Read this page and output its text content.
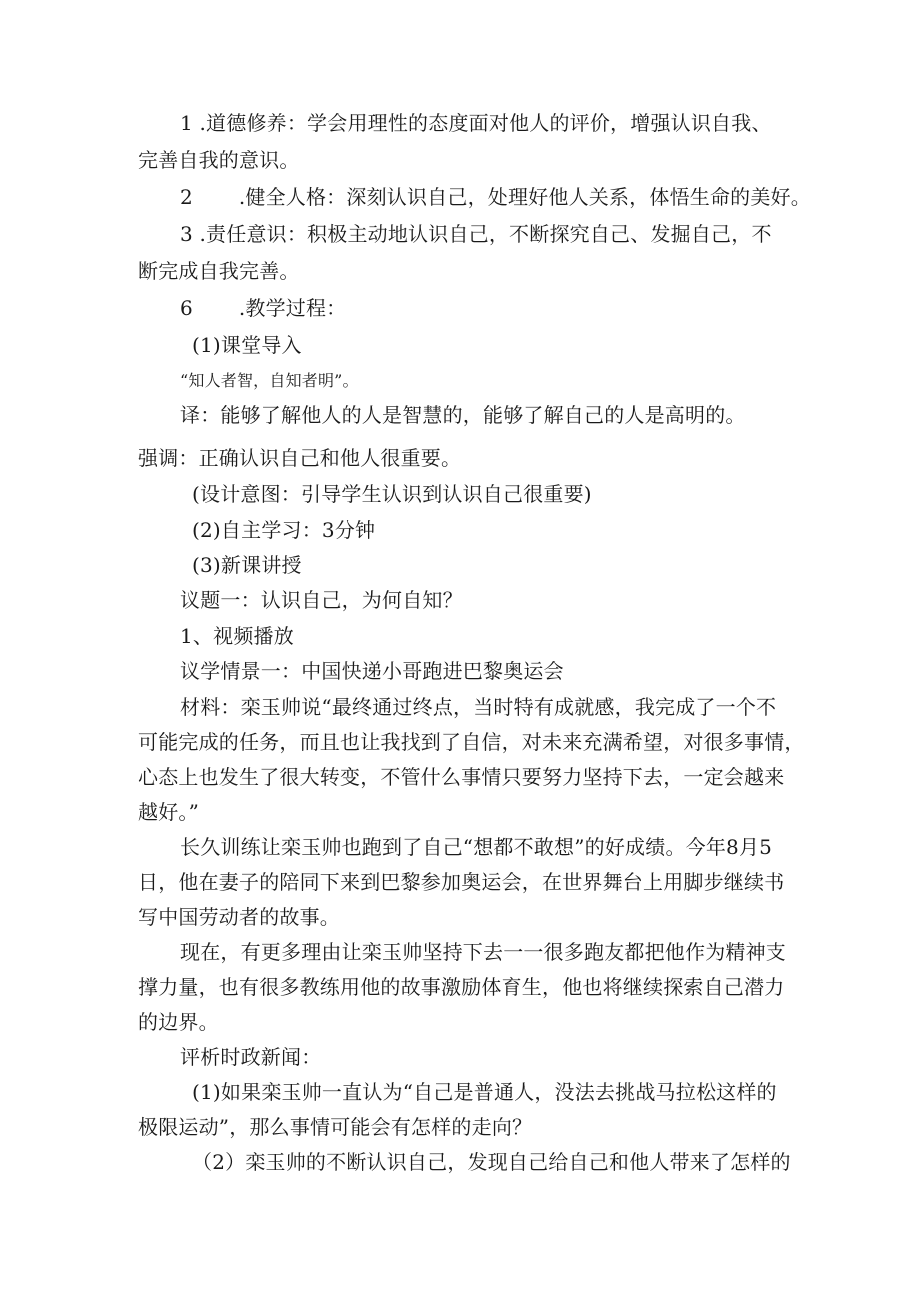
1 .道德修养：学会用理性的态度面对他人的评价，增强认识自我、
完善自我的意识。
2       .健全人格：深刻认识自己，处理好他人关系，体悟生命的美好。
3 .责任意识：积极主动地认识自己，不断探究自己、发掘自己，不
断完成自我完善。
6       .教学过程：
(1)课堂导入
“知人者智，自知者明”。
译：能够了解他人的人是智慧的，能够了解自己的人是高明的。
强调：正确认识自己和他人很重要。
(设计意图：引导学生认识到认识自己很重要)
(2)自主学习：3分钟
(3)新课讲授
议题一：认识自己，为何自知？
1、视频播放
议学情景一：中国快递小哥跑进巴黎奥运会
材料：栾玉帅说“最终通过终点，当时特有成就感，我完成了一个不
可能完成的任务，而且也让我找到了自信，对未来充满希望，对很多事情，
心态上也发生了很大转变，不管什么事情只要努力坚持下去，一定会越来
越好。”
长久训练让栾玉帅也跑到了自己“想都不敢想”的好成绩。今年8月5
日，他在妻子的陪同下来到巴黎参加奥运会，在世界舞台上用脚步继续书
写中国劳动者的故事。
现在，有更多理由让栾玉帅坚持下去一一很多跑友都把他作为精神支
撑力量，也有很多教练用他的故事激励体育生，他也将继续探索自己潜力
的边界。
评析时政新闻：
(1)如果栾玉帅一直认为“自己是普通人，没法去挑战马拉松这样的
极限运动”，那么事情可能会有怎样的走向？
（2）栾玉帅的不断认识自己，发现自己给自己和他人带来了怎样的
